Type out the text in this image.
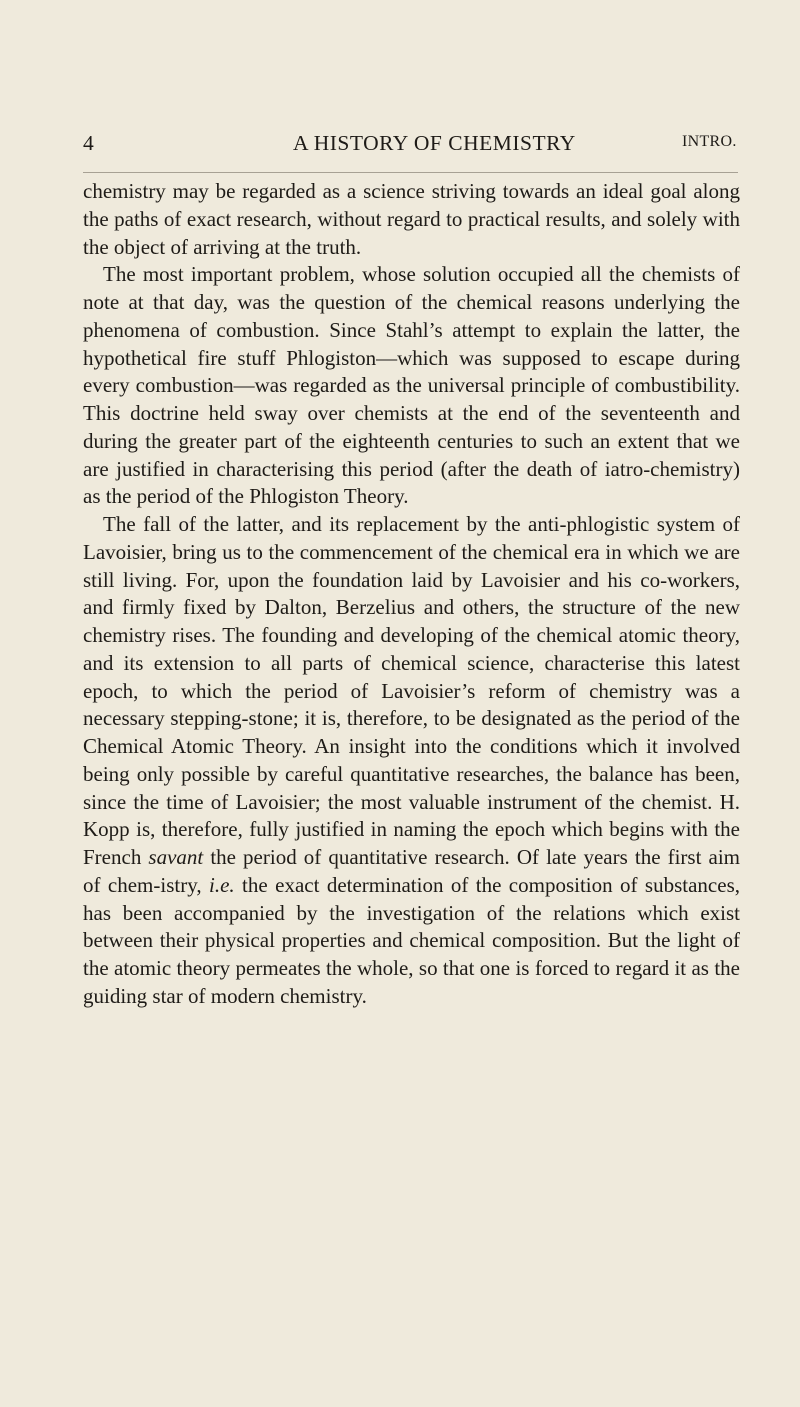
4	A HISTORY OF CHEMISTRY	INTRO.

chemistry may be regarded as a science striving towards an ideal goal along the paths of exact research, without regard to practical results, and solely with the object of arriving at the truth.

The most important problem, whose solution occupied all the chemists of note at that day, was the question of the chemical reasons underlying the phenomena of combustion. Since Stahl’s attempt to explain the latter, the hypothetical fire stuff Phlogiston—which was supposed to escape during every combustion—was regarded as the universal principle of combustibility. This doctrine held sway over chemists at the end of the seventeenth and during the greater part of the eighteenth centuries to such an extent that we are justified in characterising this period (after the death of iatro-chemistry) as the period of the Phlogiston Theory.

The fall of the latter, and its replacement by the anti-phlogistic system of Lavoisier, bring us to the commencement of the chemical era in which we are still living. For, upon the foundation laid by Lavoisier and his co-workers, and firmly fixed by Dalton, Berzelius and others, the structure of the new chemistry rises. The founding and developing of the chemical atomic theory, and its extension to all parts of chemical science, characterise this latest epoch, to which the period of Lavoisier’s reform of chemistry was a necessary stepping-stone; it is, therefore, to be designated as the period of the Chemical Atomic Theory. An insight into the conditions which it involved being only possible by careful quantitative researches, the balance has been, since the time of Lavoisier; the most valuable instrument of the chemist. H. Kopp is, therefore, fully justified in naming the epoch which begins with the French savant the period of quantitative research. Of late years the first aim of chem-istry, i.e. the exact determination of the composition of substances, has been accompanied by the investigation of the relations which exist between their physical properties and chemical composition. But the light of the atomic theory permeates the whole, so that one is forced to regard it as the guiding star of modern chemistry.
